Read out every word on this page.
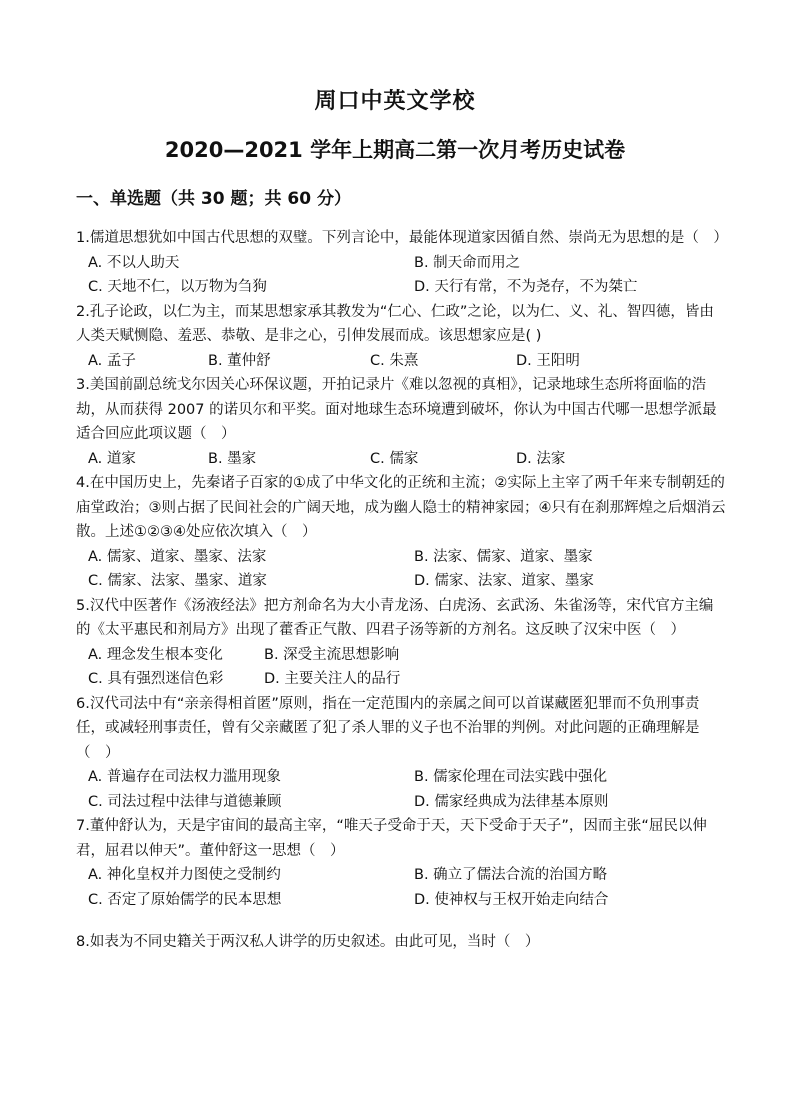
周口中英文学校
2020—2021 学年上期高二第一次月考历史试卷
一、单选题（共 30 题；共 60 分）

1.儒道思想犹如中国古代思想的双璧。下列言论中，最能体现道家因循自然、崇尚无为思想的是（　）

A. 不以人助天	B. 制天命而用之
C. 天地不仁，以万物为刍狗	D. 天行有常，不为尧存，不为桀亡

2.孔子论政，以仁为主，而某思想家承其教发为“仁心、仁政”之论，以为仁、义、礼、智四德，皆由人类天赋恻隐、羞恶、恭敬、是非之心，引伸发展而成。该思想家应是( )

A. 孟子	B. 董仲舒	C. 朱熹	D. 王阳明

3.美国前副总统戈尔因关心环保议题，开拍记录片《难以忽视的真相》，记录地球生态所将面临的浩劫，从而获得 2007 的诺贝尔和平奖。面对地球生态环境遭到破坏，你认为中国古代哪一思想学派最适合回应此项议题（　）

A. 道家	B. 墨家	C. 儒家	D. 法家

4.在中国历史上，先秦诸子百家的①成了中华文化的正统和主流；②实际上主宰了两千年来专制朝廷的庙堂政治；③则占据了民间社会的广阔天地，成为幽人隐士的精神家园；④只有在刹那辉煌之后烟消云散。上述①②③④处应依次填入（　）

A. 儒家、道家、墨家、法家	B. 法家、儒家、道家、墨家
C. 儒家、法家、墨家、道家	D. 儒家、法家、道家、墨家

5.汉代中医著作《汤液经法》把方剂命名为大小青龙汤、白虎汤、玄武汤、朱雀汤等，宋代官方主编的《太平惠民和剂局方》出现了藿香正气散、四君子汤等新的方剂名。这反映了汉宋中医（　）

A. 理念发生根本变化	B. 深受主流思想影响
C. 具有强烈迷信色彩	D. 主要关注人的品行

6.汉代司法中有“亲亲得相首匿”原则，指在一定范围内的亲属之间可以首谋藏匿犯罪而不负刑事责任，或减轻刑事责任，曾有父亲藏匿了犯了杀人罪的义子也不治罪的判例。对此问题的正确理解是（　）

A. 普遍存在司法权力滥用现象	B. 儒家伦理在司法实践中强化
C. 司法过程中法律与道德兼顾	D. 儒家经典成为法律基本原则

7.董仲舒认为，天是宇宙间的最高主宰，“唯天子受命于天，天下受命于天子”，因而主张“屈民以伸君，屈君以伸天”。董仲舒这一思想（　）

A. 神化皇权并力图使之受制约	B. 确立了儒法合流的治国方略
C. 否定了原始儒学的民本思想	D. 使神权与王权开始走向结合

8.如表为不同史籍关于两汉私人讲学的历史叙述。由此可见，当时（　）
